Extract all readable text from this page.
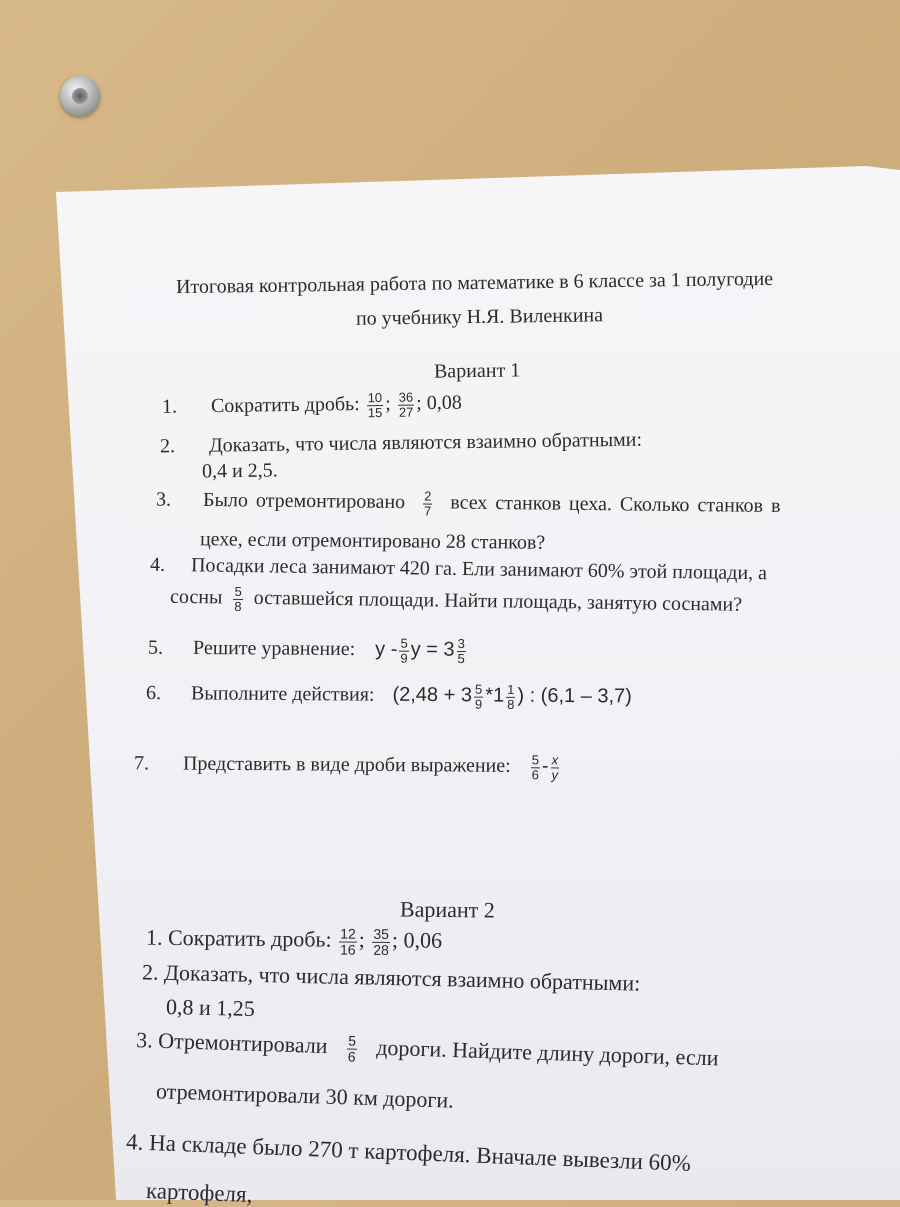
Итоговая контрольная работа по математике в 6 классе за 1 полугодие
по учебнику Н.Я. Виленкина
Вариант 1
1. Сократить дробь: $\frac{10}{15}$ ; $\frac{36}{27}$ ; 0,08
2. Доказать, что числа являются взаимно обратными:
0,4 и 2,5.
3. Было отремонтировано $\frac{2}{7}$ всех станков цеха. Сколько станков в
цехе, если отремонтировано 28 станков?
4. Посадки леса занимают 420 га. Ели занимают 60% этой площади, а
сосны $\frac{5}{8}$ оставшейся площади. Найти площадь, занятую соснами?
5. Решите уравнение: y - $\frac{5}{9}$ $y = 3 \frac{3}{5}$
6. Выполните действия: ($2,48 + 3 \frac{5}{9} *1 \frac{1}{8}$ ) : (6,1 – 3,7)
7. Представить в виде дроби выражение: $\frac{5}{6} - \frac{x}{y}$
Вариант 2
1. Сократить дробь: $\frac{12}{16}$ ; $\frac{35}{28}$ ; 0,06
2. Доказать, что числа являются взаимно обратными:
0,8 и 1,25
3. Отремонтировали $\frac{5}{6}$ дороги. Найдите длину дороги, если
отремонтировали 30 км дороги.
4. На складе было 270 т картофеля. Вначале вывезли 60%
картофеля,
